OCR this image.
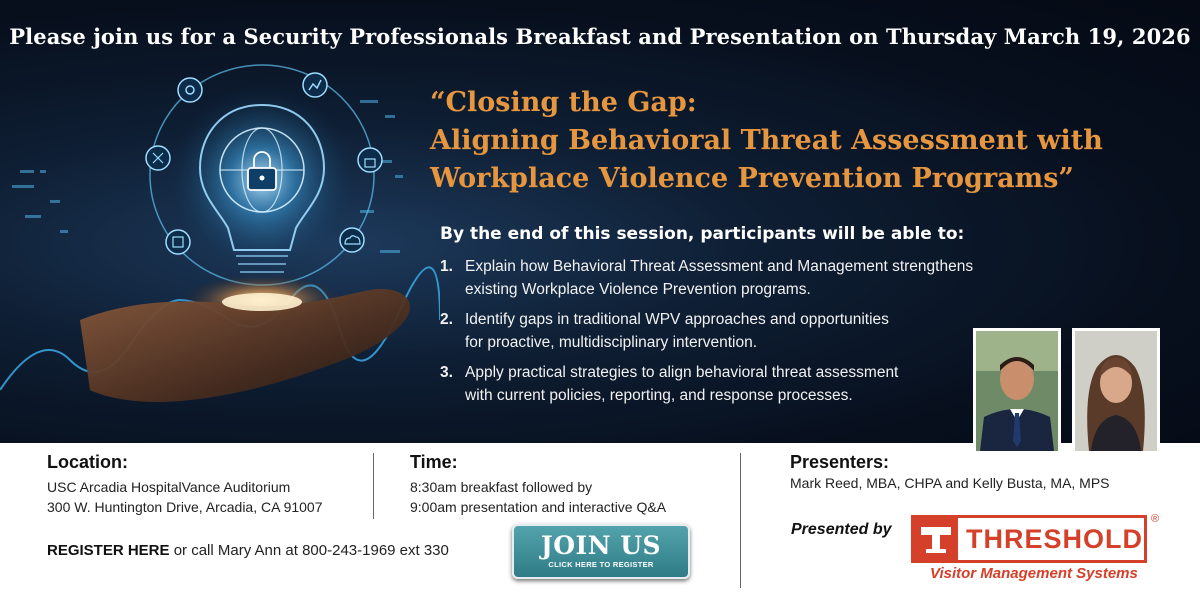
Please join us for a Security Professionals Breakfast and Presentation on Thursday March 19, 2026
“Closing the Gap:
Aligning Behavioral Threat Assessment with
Workplace Violence Prevention Programs”
By the end of this session, participants will be able to:
1. Explain how Behavioral Threat Assessment and Management strengthens
existing Workplace Violence Prevention programs.
2. Identify gaps in traditional WPV approaches and opportunities
for proactive, multidisciplinary intervention.
3. Apply practical strategies to align behavioral threat assessment
with current policies, reporting, and response processes.
Location:
USC Arcadia HospitalVance Auditorium
300 W. Huntington Drive, Arcadia, CA 91007
Time:
8:30am breakfast followed by
9:00am presentation and interactive Q&A
Presenters:
Mark Reed, MBA, CHPA and Kelly Busta, MA, MPS
REGISTER HERE or call Mary Ann at 800-243-1969 ext 330	JOIN US
CLICK HERE TO REGISTER
Presented by	THRESHOLD
®
Visitor Management Systems
